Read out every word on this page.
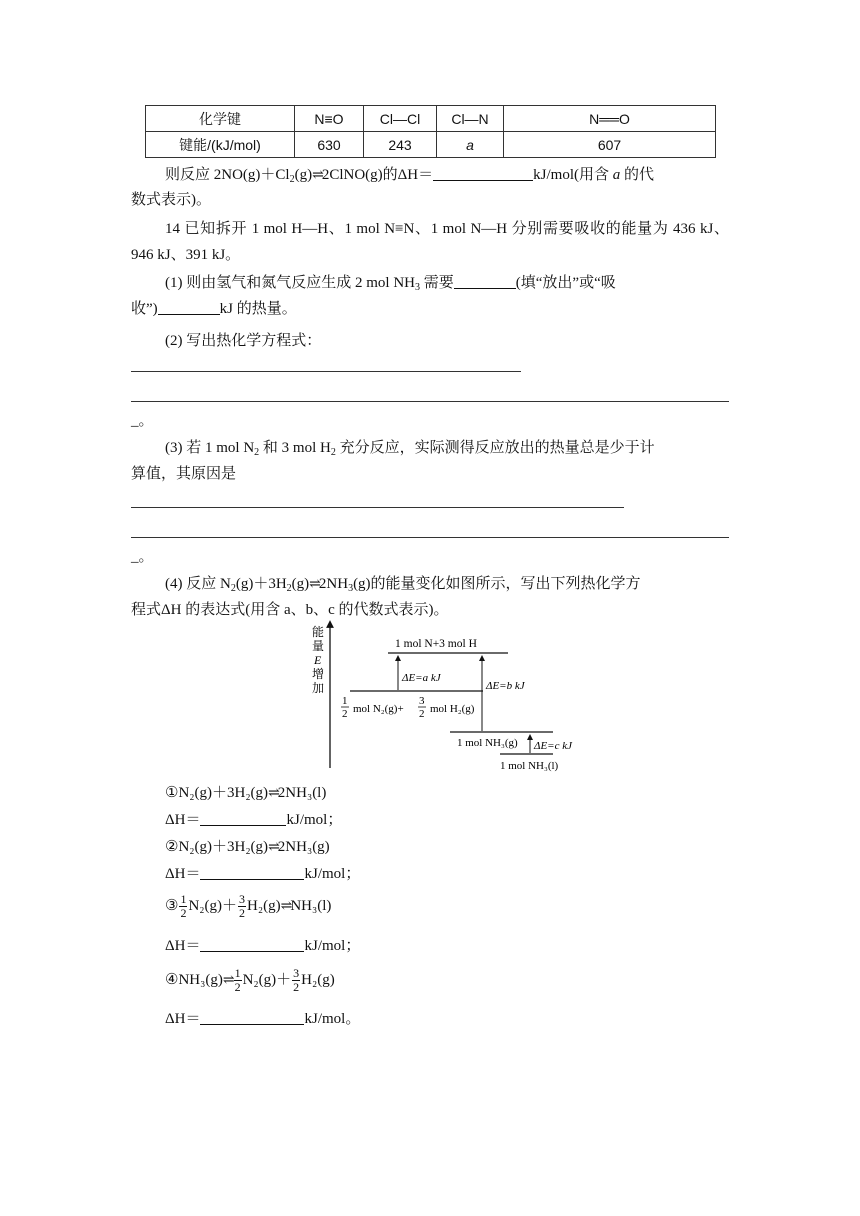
化学键	N≡O	Cl—Cl	Cl—N	N══O
键能/(kJ/mol)	630	243	a	607
则反应 $2NO(g)+Cl_2(g)\rightleftharpoons 2ClNO(g)$的ΔH＝	kJ/mol(用含 a 的代
数式表示)。
14 已知拆开 1 mol H—H、1 mol N≡N、1 mol N—H 分别需要吸收的能量为 436 kJ、946 kJ、391 kJ。
(1) 则由氢气和氮气反应生成 2 mol $NH_3$ 需要	(填“放出”或“吸
收”)	kJ 的热量。
(2) 写出热化学方程式：
_。
(3) 若 1 mol $N_2$ 和 3 mol $H_2$ 充分反应，实际测得反应放出的热量总是少于计
算值，其原因是
_。
(4) 反应 $N_2(g)+3H_2(g)\rightleftharpoons 2NH_3(g)$的能量变化如图所示，写出下列热化学方
程式ΔH 的表达式(用含 a、b、c 的代数式表示)。
能
量
E
增
加
1 mol N+3 mol H
1
2 mol N₂(g)+
3
2 mol H₂(g)
1 mol NH₃(g)
1 mol NH₃(l)
ΔE=a kJ
ΔE=b kJ
ΔE=c kJ
①N₂(g)＋3H₂(g)⇌2NH₃(l)
ΔH＝	kJ/mol；
②N₂(g)＋3H₂(g)⇌2NH₃(g)
ΔH＝	kJ/mol；
③ $\frac{1}{2} N_2(g)+ \frac{3}{2}$ H₂(g)⇌NH₃(l)
ΔH＝	kJ/mol；
④NH₃(g)⇌ $\frac{1}{2} N_2(g)+ \frac{3}{2} H_2(g)$
ΔH＝	kJ/mol。
